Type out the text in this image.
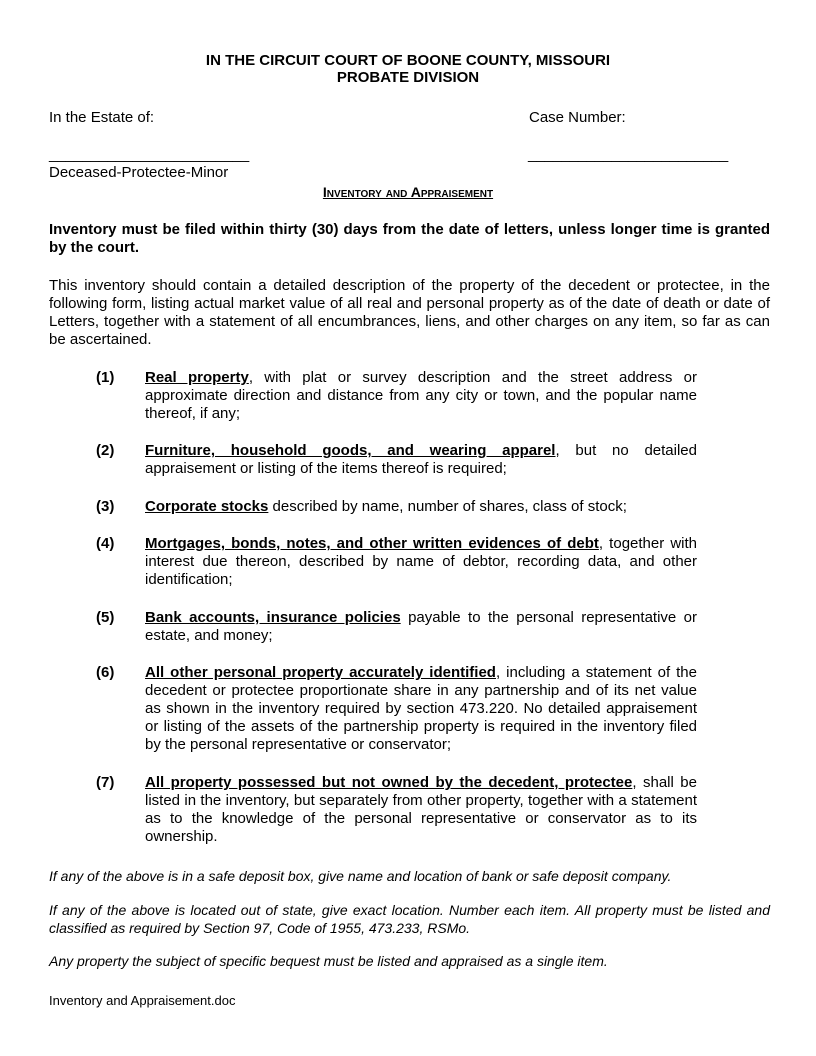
IN THE CIRCUIT COURT OF BOONE COUNTY, MISSOURI
PROBATE DIVISION
In the Estate of:	Case Number:
________________________	________________________
Deceased-Protectee-Minor
Inventory and Appraisement
Inventory must be filed within thirty (30) days from the date of letters, unless longer time is granted by the court.
This inventory should contain a detailed description of the property of the decedent or protectee, in the following form, listing actual market value of all real and personal property as of the date of death or date of Letters, together with a statement of all encumbrances, liens, and other charges on any item, so far as can be ascertained.
(1) Real property, with plat or survey description and the street address or approximate direction and distance from any city or town, and the popular name thereof, if any;
(2) Furniture, household goods, and wearing apparel, but no detailed appraisement or listing of the items thereof is required;
(3) Corporate stocks described by name, number of shares, class of stock;
(4) Mortgages, bonds, notes, and other written evidences of debt, together with interest due thereon, described by name of debtor, recording data, and other identification;
(5) Bank accounts, insurance policies payable to the personal representative or estate, and money;
(6) All other personal property accurately identified, including a statement of the decedent or protectee proportionate share in any partnership and of its net value as shown in the inventory required by section 473.220. No detailed appraisement or listing of the assets of the partnership property is required in the inventory filed by the personal representative or conservator;
(7) All property possessed but not owned by the decedent, protectee, shall be listed in the inventory, but separately from other property, together with a statement as to the knowledge of the personal representative or conservator as to its ownership.
If any of the above is in a safe deposit box, give name and location of bank or safe deposit company.
If any of the above is located out of state, give exact location. Number each item. All property must be listed and classified as required by Section 97, Code of 1955, 473.233, RSMo.
Any property the subject of specific bequest must be listed and appraised as a single item.
Inventory and Appraisement.doc
